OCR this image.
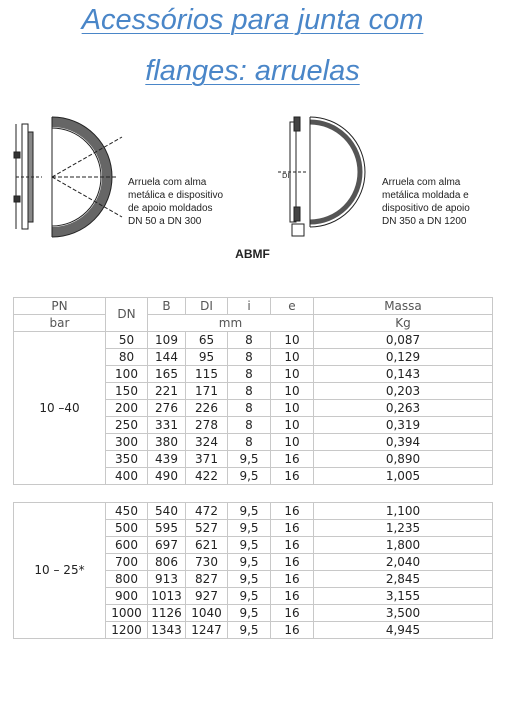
Acessórios para junta com
flanges: arruelas
Arruela com alma
metálica e dispositivo
de apoio moldados
DN 50 a DN 300
DI
Arruela com alma
metálica moldada e
dispositivo de apoio
DN 350 a DN 1200
ABMF
PN	DN	B	DI	i	e	Massa
bar		mm				Kg
10 –40	50	109	65	8	10	0,087
	80	144	95	8	10	0,129
	100	165	115	8	10	0,143
	150	221	171	8	10	0,203
	200	276	226	8	10	0,263
	250	331	278	8	10	0,319
	300	380	324	8	10	0,394
	350	439	371	9,5	16	0,890
	400	490	422	9,5	16	1,005
10 – 25*	450	540	472	9,5	16	1,100
	500	595	527	9,5	16	1,235
	600	697	621	9,5	16	1,800
	700	806	730	9,5	16	2,040
	800	913	827	9,5	16	2,845
	900	1013	927	9,5	16	3,155
	1000	1126	1040	9,5	16	3,500
	1200	1343	1247	9,5	16	4,945
